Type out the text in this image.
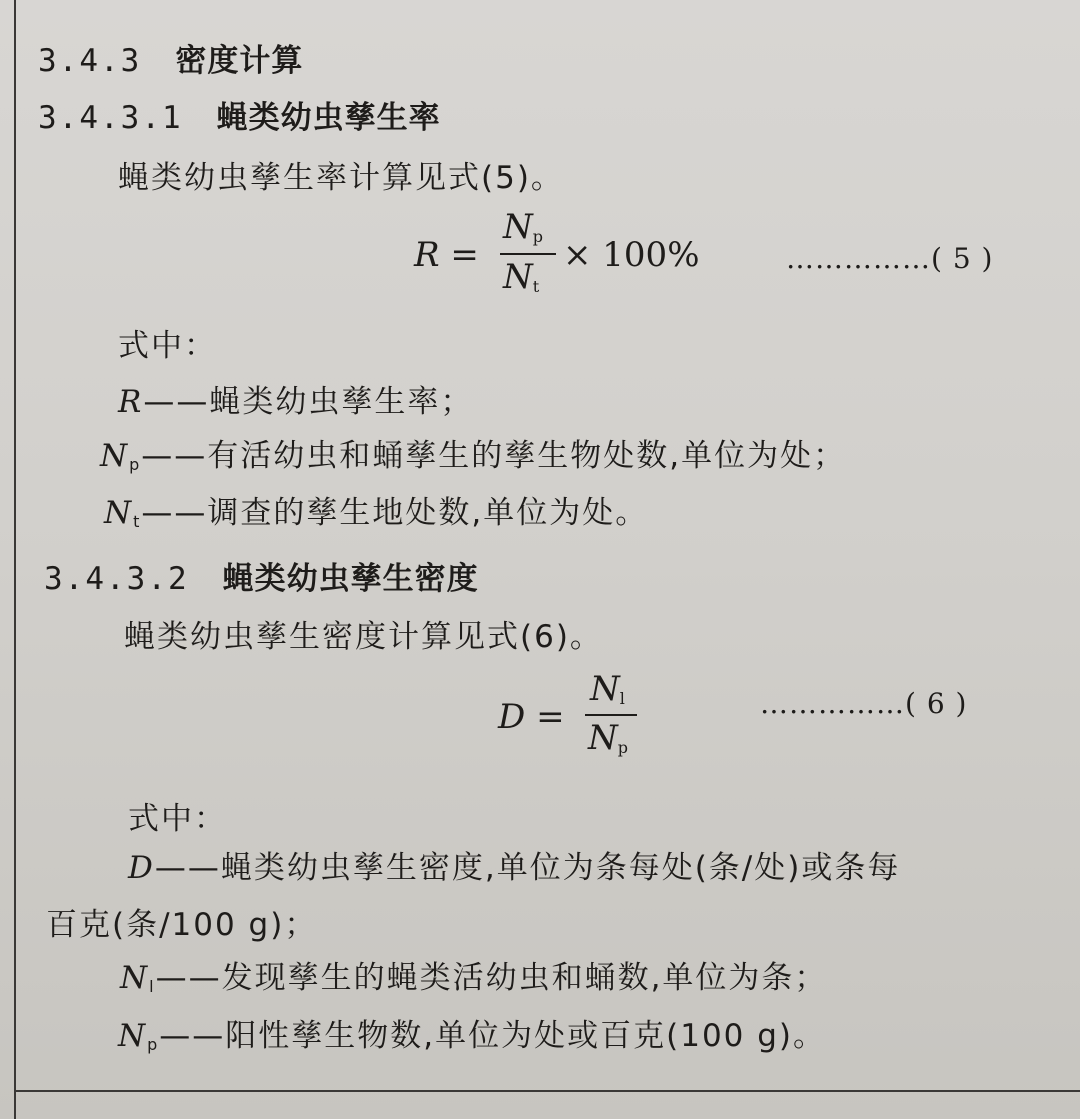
3.4.3 密度计算
3.4.3.1 蝇类幼虫孳生率
蝇类幼虫孳生率计算见式(5)。
R =
$N_p$
$N_t$
× 100%	……………( 5 )
式中：
R——蝇类幼虫孳生率；
$N_p——$有活幼虫和蛹孳生的孳生物处数,单位为处；
$N_t——$调查的孳生地处数,单位为处。
3.4.3.2 蝇类幼虫孳生密度
蝇类幼虫孳生密度计算见式(6)。
D =
$N_l$
$N_p$
……………( 6 )
式中：
D——蝇类幼虫孳生密度,单位为条每处(条/处)或条每
百克(条/100 g)；
$N_l——$发现孳生的蝇类活幼虫和蛹数,单位为条；
$N_p——$阳性孳生物数,单位为处或百克(100 g)。
